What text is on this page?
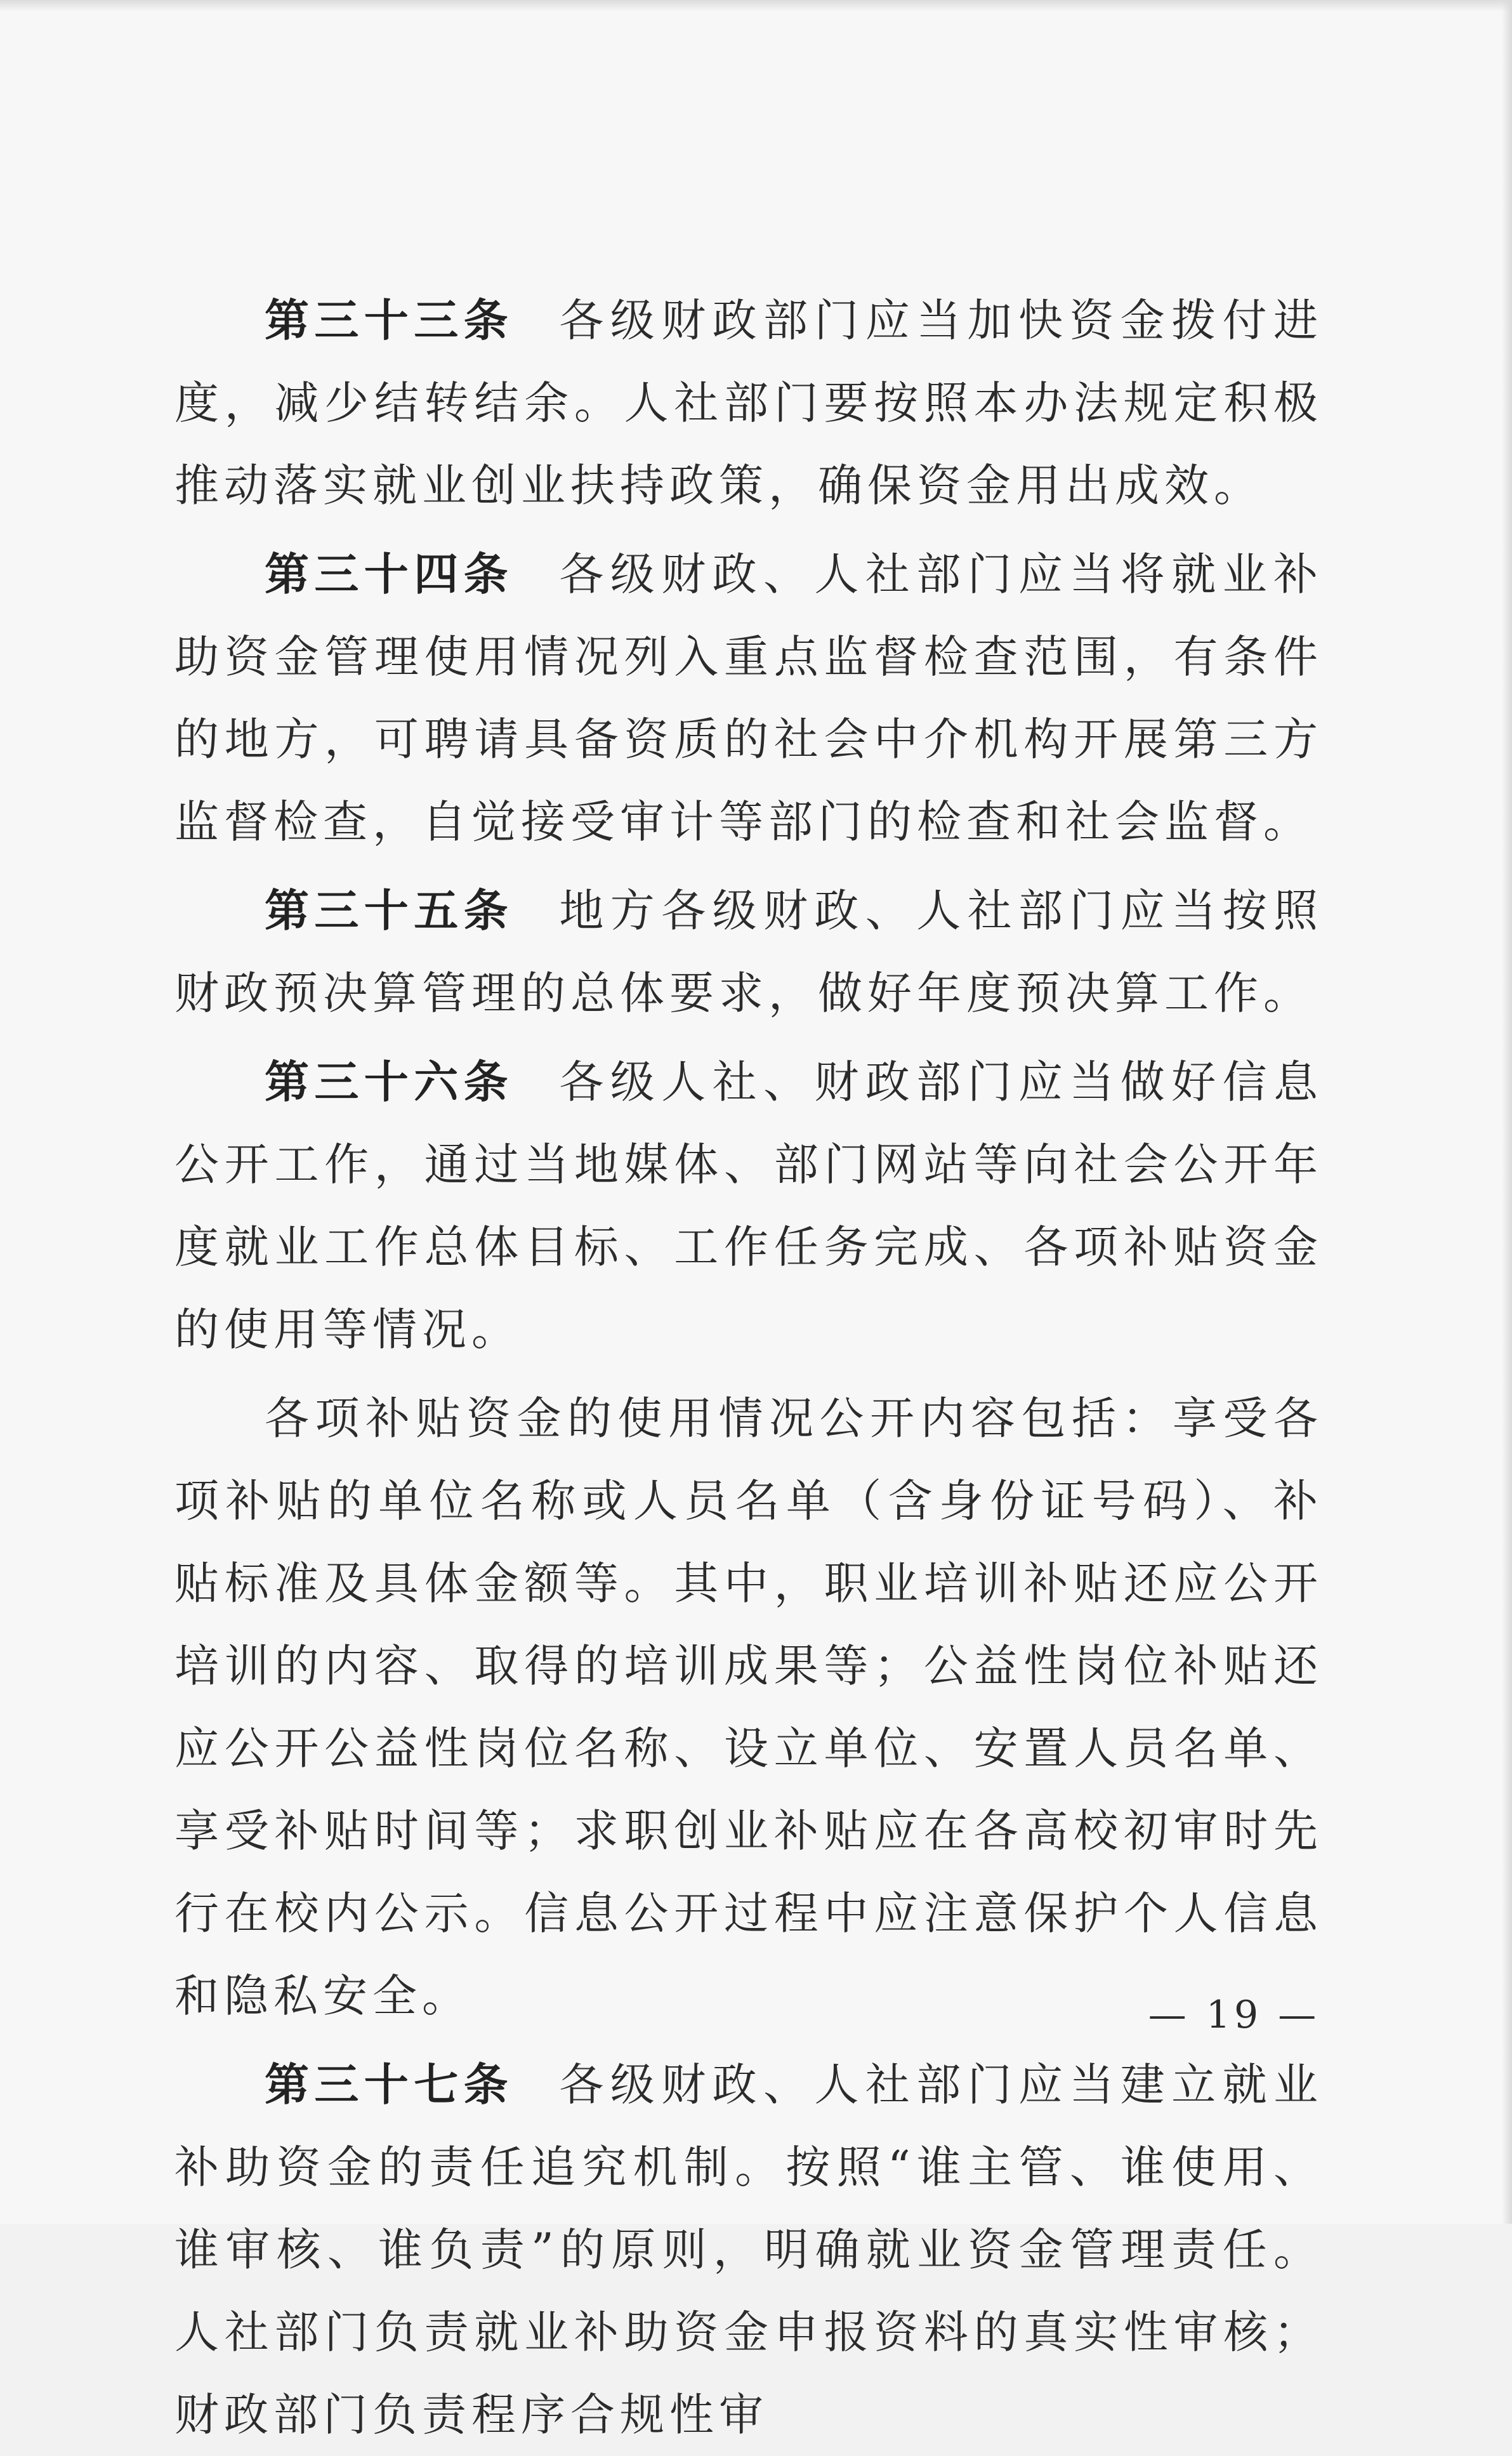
第三十三条 各级财政部门应当加快资金拨付进度，减少结转结余。人社部门要按照本办法规定积极推动落实就业创业扶持政策，确保资金用出成效。

第三十四条 各级财政、人社部门应当将就业补助资金管理使用情况列入重点监督检查范围，有条件的地方，可聘请具备资质的社会中介机构开展第三方监督检查，自觉接受审计等部门的检查和社会监督。

第三十五条 地方各级财政、人社部门应当按照财政预决算管理的总体要求，做好年度预决算工作。

第三十六条 各级人社、财政部门应当做好信息公开工作，通过当地媒体、部门网站等向社会公开年度就业工作总体目标、工作任务完成、各项补贴资金的使用等情况。

各项补贴资金的使用情况公开内容包括：享受各项补贴的单位名称或人员名单（含身份证号码）、补贴标准及具体金额等。其中，职业培训补贴还应公开培训的内容、取得的培训成果等；公益性岗位补贴还应公开公益性岗位名称、设立单位、安置人员名单、享受补贴时间等；求职创业补贴应在各高校初审时先行在校内公示。信息公开过程中应注意保护个人信息和隐私安全。

第三十七条 各级财政、人社部门应当建立就业补助资金的责任追究机制。按照“谁主管、谁使用、谁审核、谁负责”的原则，明确就业资金管理责任。人社部门负责就业补助资金申报资料的真实性审核；财政部门负责程序合规性审

— 19 —
